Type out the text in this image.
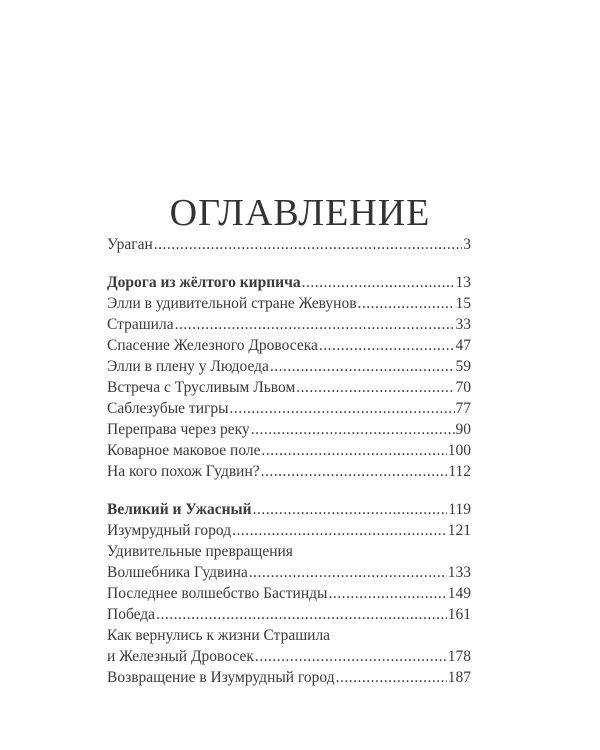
ОГЛАВЛЕНИЕ
Ураган .....	3
Дорога из жёлтого кирпича .....	13
Элли в удивительной стране Жевунов .....	15
Страшила .....	33
Спасение Железного Дровосека .....	47
Элли в плену у Людоеда .....	59
Встреча с Трусливым Львом .....	70
Саблезубые тигры .....	77
Переправа через реку .....	90
Коварное маковое поле .....	100
На кого похож Гудвин? .....	112
Великий и Ужасный .....	119
Изумрудный город .....	121
Удивительные превращения
Волшебника Гудвина .....	133
Последнее волшебство Бастинды .....	149
Победа .....	161
Как вернулись к жизни Страшила
и Железный Дровосек .....	178
Возвращение в Изумрудный город .....	187
